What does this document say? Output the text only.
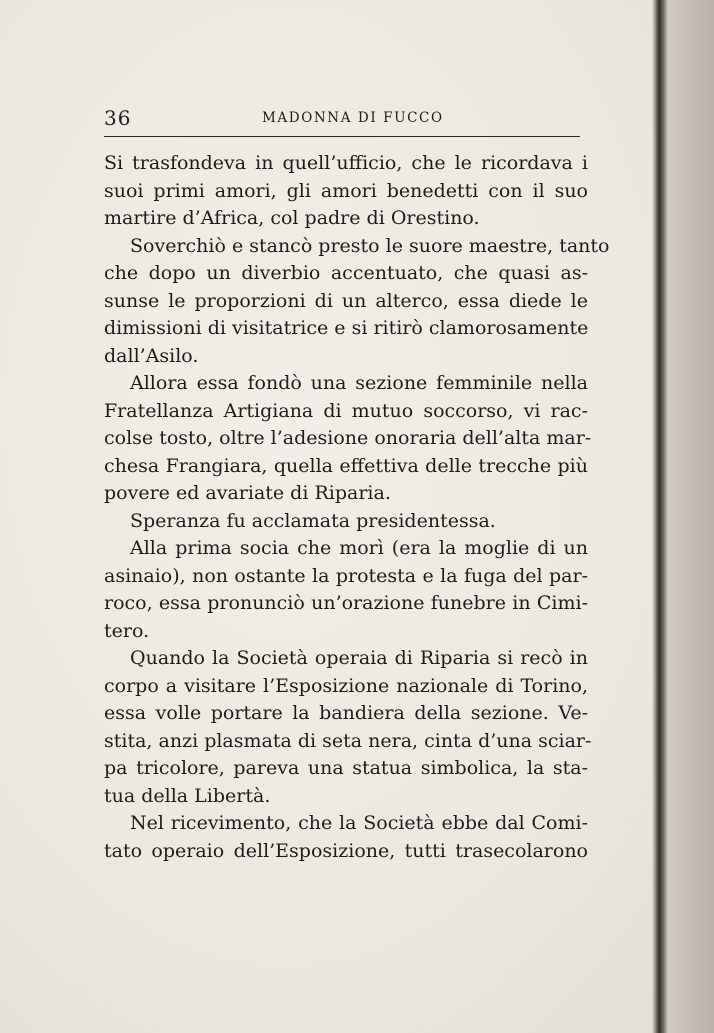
36	MADONNA DI FUCCO
Si trasfondeva in quell’ufficio, che le ricordava i
suoi primi amori, gli amori benedetti con il suo
martire d’Africa, col padre di Orestino.
Soverchiò e stancò presto le suore maestre, tanto
che dopo un diverbio accentuato, che quasi as-
sunse le proporzioni di un alterco, essa diede le
dimissioni di visitatrice e si ritirò clamorosamente
dall’Asilo.
Allora essa fondò una sezione femminile nella
Fratellanza Artigiana di mutuo soccorso, vi rac-
colse tosto, oltre l’adesione onoraria dell’alta mar-
chesa Frangiara, quella effettiva delle trecche più
povere ed avariate di Riparia.
Speranza fu acclamata presidentessa.
Alla prima socia che morì (era la moglie di un
asinaio), non ostante la protesta e la fuga del par-
roco, essa pronunciò un’orazione funebre in Cimi-
tero.
Quando la Società operaia di Riparia si recò in
corpo a visitare l’Esposizione nazionale di Torino,
essa volle portare la bandiera della sezione. Ve-
stita, anzi plasmata di seta nera, cinta d’una sciar-
pa tricolore, pareva una statua simbolica, la sta-
tua della Libertà.
Nel ricevimento, che la Società ebbe dal Comi-
tato operaio dell’Esposizione, tutti trasecolarono
